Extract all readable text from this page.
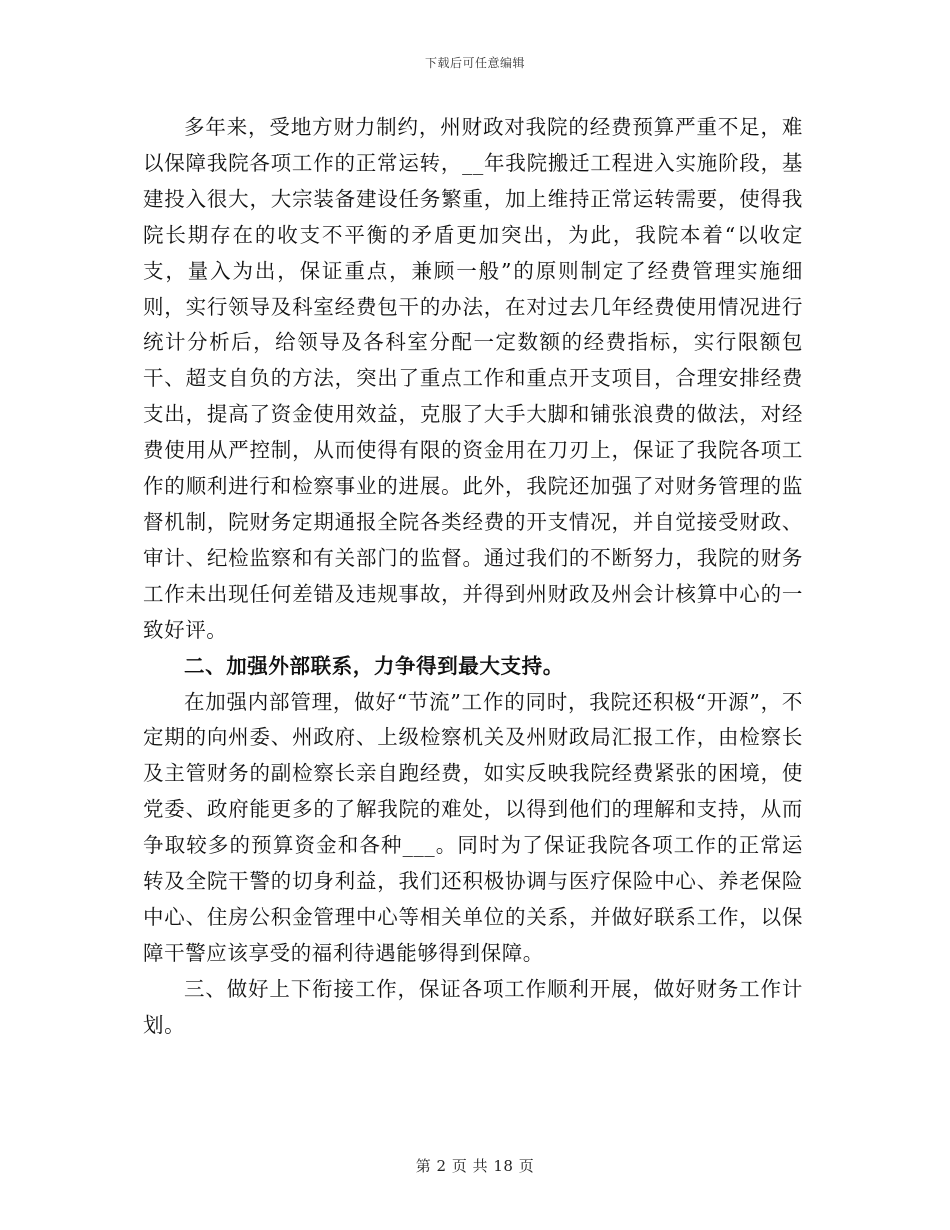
下载后可任意编辑

多年来，受地方财力制约，州财政对我院的经费预算严重不足，难以保障我院各项工作的正常运转，__年我院搬迁工程进入实施阶段，基建投入很大，大宗装备建设任务繁重，加上维持正常运转需要，使得我院长期存在的收支不平衡的矛盾更加突出，为此，我院本着“以收定支，量入为出，保证重点，兼顾一般”的原则制定了经费管理实施细则，实行领导及科室经费包干的办法，在对过去几年经费使用情况进行统计分析后，给领导及各科室分配一定数额的经费指标，实行限额包干、超支自负的方法，突出了重点工作和重点开支项目，合理安排经费支出，提高了资金使用效益，克服了大手大脚和铺张浪费的做法，对经费使用从严控制，从而使得有限的资金用在刀刃上，保证了我院各项工作的顺利进行和检察事业的进展。此外，我院还加强了对财务管理的监督机制，院财务定期通报全院各类经费的开支情况，并自觉接受财政、审计、纪检监察和有关部门的监督。通过我们的不断努力，我院的财务工作未出现任何差错及违规事故，并得到州财政及州会计核算中心的一致好评。

二、加强外部联系，力争得到最大支持。

在加强内部管理，做好“节流”工作的同时，我院还积极“开源”，不定期的向州委、州政府、上级检察机关及州财政局汇报工作，由检察长及主管财务的副检察长亲自跑经费，如实反映我院经费紧张的困境，使党委、政府能更多的了解我院的难处，以得到他们的理解和支持，从而争取较多的预算资金和各种___。同时为了保证我院各项工作的正常运转及全院干警的切身利益，我们还积极协调与医疗保险中心、养老保险中心、住房公积金管理中心等相关单位的关系，并做好联系工作，以保障干警应该享受的福利待遇能够得到保障。

三、做好上下衔接工作，保证各项工作顺利开展，做好财务工作计划。

第 2 页 共 18 页
